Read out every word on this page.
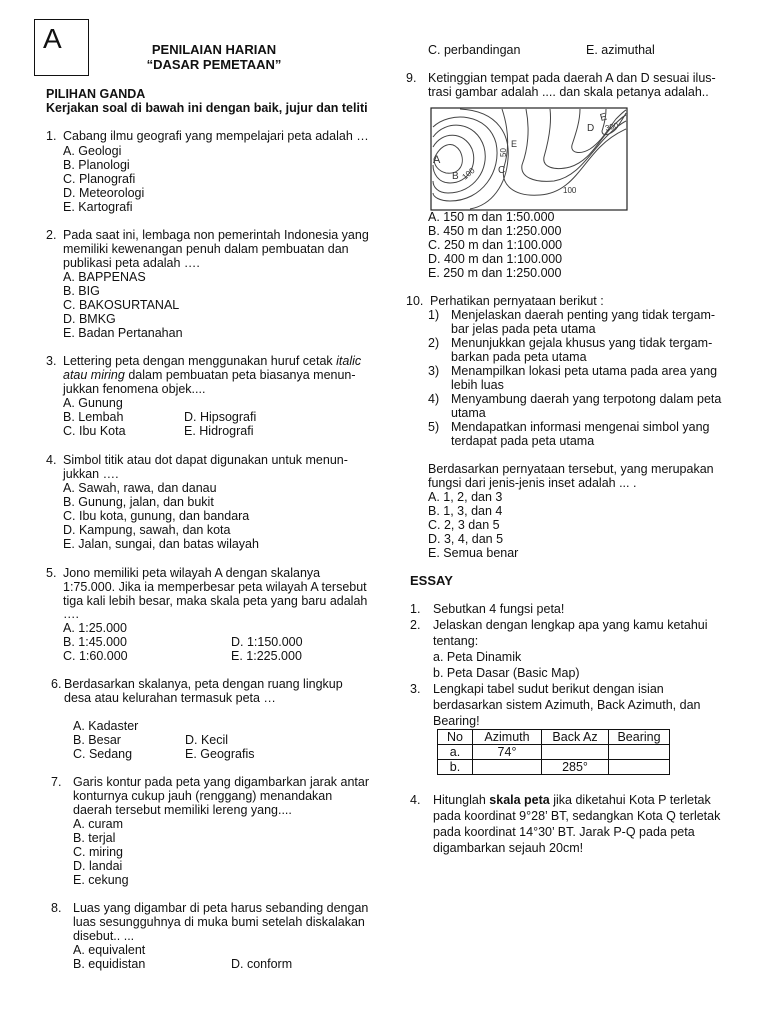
A	PENILAIAN HARIAN
“DASAR PEMETAAN”
PILIHAN GANDA
Kerjakan soal di bawah ini dengan baik, jujur dan teliti
1. Cabang ilmu geografi yang mempelajari peta adalah …
A. Geologi
B. Planologi
C. Planografi
D. Meteorologi
E. Kartografi
2. Pada saat ini, lembaga non pemerintah Indonesia yang
memiliki kewenangan penuh dalam pembuatan dan
publikasi peta adalah ….
A. BAPPENAS
B. BIG
C. BAKOSURTANAL
D. BMKG
E. Badan Pertanahan
3. Lettering peta dengan menggunakan huruf cetak italic
atau miring dalam pembuatan peta biasanya menun-
jukkan fenomena objek....
A. Gunung
B. Lembah
C. Ibu Kota
D. Hipsografi
E. Hidrografi
4. Simbol titik atau dot dapat digunakan untuk menun-
jukkan ….
A. Sawah, rawa, dan danau
B. Gunung, jalan, dan bukit
C. Ibu kota, gunung, dan bandara
D. Kampung, sawah, dan kota
E. Jalan, sungai, dan batas wilayah
5. Jono memiliki peta wilayah A dengan skalanya
1:75.000. Jika ia memperbesar peta wilayah A tersebut
tiga kali lebih besar, maka skala peta yang baru adalah
….
A. 1:25.000
B. 1:45.000
C. 1:60.000
D. 1:150.000
E. 1:225.000
6. Berdasarkan skalanya, peta dengan ruang lingkup
desa atau kelurahan termasuk peta …
A. Kadaster
B. Besar
C. Sedang
D. Kecil
E. Geografis
7. Garis kontur pada peta yang digambarkan jarak antar
konturnya cukup jauh (renggang) menandakan
daerah tersebut memiliki lereng yang....
A. curam
B. terjal
C. miring
D. landai
E. cekung
8. Luas yang digambar di peta harus sebanding dengan
luas sesungguhnya di muka bumi setelah diskalakan
disebut.. ...
A. equivalent
B. equidistan	D. conform
C. perbandingan	E. azimuthal
9. Ketinggian tempat pada daerah A dan D sesuai ilus-
trasi gambar adalah .... dan skala petanya adalah..
A
B 100 C
E
D 300
E
50
100
A. 150 m dan 1:50.000
B. 450 m dan 1:250.000
C. 250 m dan 1:100.000
D. 400 m dan 1:100.000
E. 250 m dan 1:250.000
10. Perhatikan pernyataan berikut :
1) Menjelaskan daerah penting yang tidak tergam-
bar jelas pada peta utama
2) Menunjukkan gejala khusus yang tidak tergam-
barkan pada peta utama
3) Menampilkan lokasi peta utama pada area yang
lebih luas
4) Menyambung daerah yang terpotong dalam peta
utama
5) Mendapatkan informasi mengenai simbol yang
terdapat pada peta utama
Berdasarkan pernyataan tersebut, yang merupakan
fungsi dari jenis-jenis inset adalah ... .
A. 1, 2, dan 3
B. 1, 3, dan 4
C. 2, 3 dan 5
D. 3, 4, dan 5
E. Semua benar
ESSAY
1. Sebutkan 4 fungsi peta!
2. Jelaskan dengan lengkap apa yang kamu ketahui
tentang:
a. Peta Dinamik
b. Peta Dasar (Basic Map)
3. Lengkapi tabel sudut berikut dengan isian
berdasarkan sistem Azimuth, Back Azimuth, dan
Bearing!
No	Azimuth	Back Az	Bearing
a.	74°		
b.		285°	
4. Hitunglah skala peta jika diketahui Kota P terletak
pada koordinat 9°28’ BT, sedangkan Kota Q terletak
pada koordinat 14°30’ BT. Jarak P-Q pada peta
digambarkan sejauh 20cm!
